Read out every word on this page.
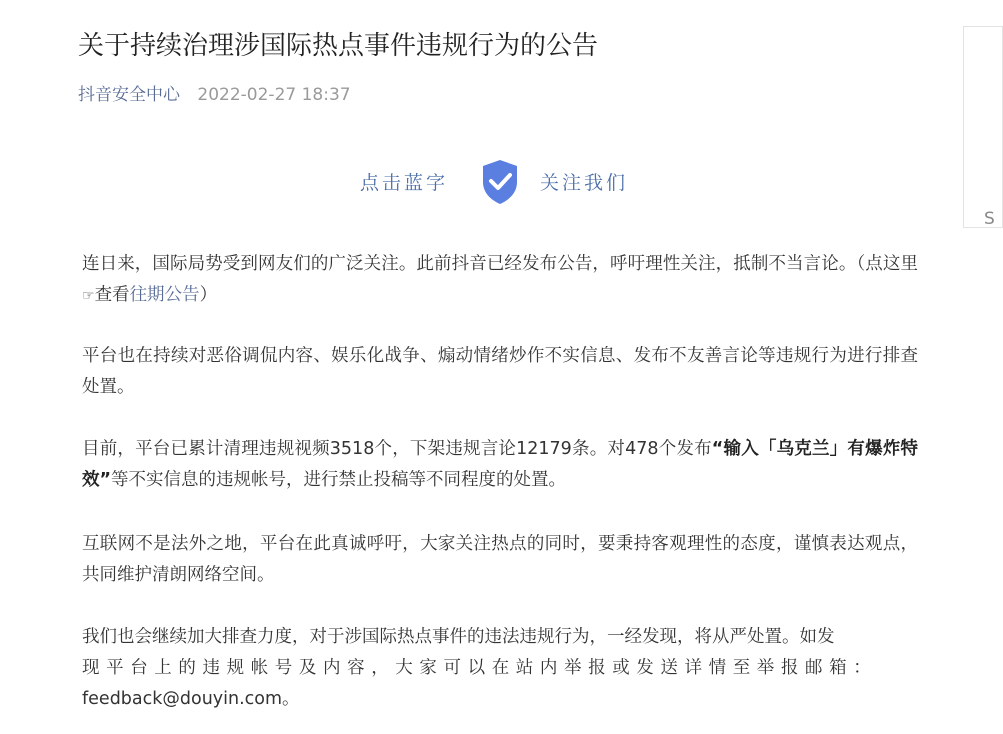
关于持续治理涉国际热点事件违规行为的公告
抖音安全中心 2022-02-27 18:37
点击蓝字	关注我们
连日来，国际局势受到网友们的广泛关注。此前抖音已经发布公告，呼吁理性关注，抵制不当言论。（点这里☞查看往期公告）
平台也在持续对恶俗调侃内容、娱乐化战争、煽动情绪炒作不实信息、发布不友善言论等违规行为进行排查处置。
目前，平台已累计清理违规视频3518个，下架违规言论12179条。对478个发布“输入「乌克兰」有爆炸特效”等不实信息的违规帐号，进行禁止投稿等不同程度的处置。
互联网不是法外之地，平台在此真诚呼吁，大家关注热点的同时，要秉持客观理性的态度，谨慎表达观点，共同维护清朗网络空间。
我们也会继续加大排查力度，对于涉国际热点事件的违法违规行为，一经发现，将从严处置。如发
现平台上的违规帐号及内容，大家可以在站内举报或发送详情至举报邮箱：
feedback@douyin.com。
S
